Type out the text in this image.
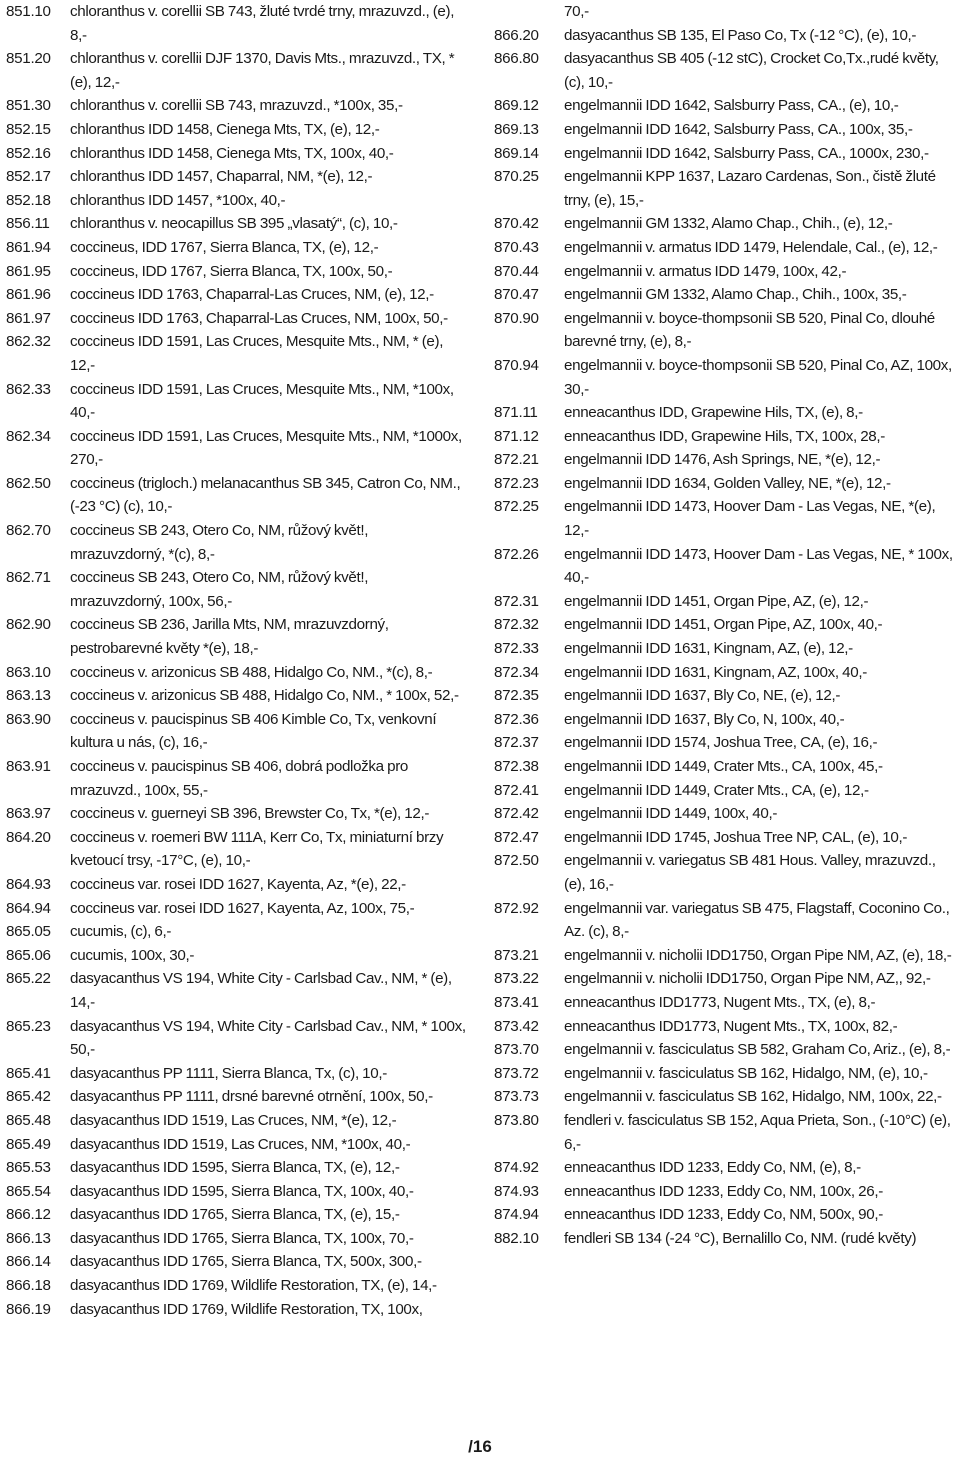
851.10	chloranthus v. corellii SB 743, žluté tvrdé trny, mrazuvzd., (e), 8,-
851.20	chloranthus v. corellii DJF 1370, Davis Mts., mrazuvzd., TX, *(e), 12,-
851.30	chloranthus v. corellii SB 743, mrazuvzd., *100x, 35,-
852.15	chloranthus IDD 1458, Cienega Mts, TX, (e), 12,-
852.16	chloranthus IDD 1458, Cienega Mts, TX, 100x, 40,-
852.17	chloranthus IDD 1457, Chaparral, NM, *(e), 12,-
852.18	chloranthus IDD 1457, *100x, 40,-
856.11	chloranthus v. neocapillus SB 395 „vlasatý“, (c), 10,-
861.94	coccineus, IDD 1767, Sierra Blanca, TX, (e), 12,-
861.95	coccineus, IDD 1767, Sierra Blanca, TX, 100x, 50,-
861.96	coccineus IDD 1763, Chaparral-Las Cruces, NM, (e), 12,-
861.97	coccineus IDD 1763, Chaparral-Las Cruces, NM, 100x, 50,-
862.32	coccineus IDD 1591, Las Cruces, Mesquite Mts., NM, * (e), 12,-
862.33	coccineus IDD 1591, Las Cruces, Mesquite Mts., NM, *100x, 40,-
862.34	coccineus IDD 1591, Las Cruces, Mesquite Mts., NM, *1000x, 270,-
862.50	coccineus (trigloch.) melanacanthus SB 345, Catron Co, NM., (-23 °C) (c), 10,-
862.70	coccineus SB 243, Otero Co, NM, růžový květ!, mrazuvzdorný, *(c), 8,-
862.71	coccineus SB 243, Otero Co, NM, růžový květ!, mrazuvzdorný, 100x, 56,-
862.90	coccineus SB 236, Jarilla Mts, NM, mrazuvzdorný, pestrobarevné květy *(e), 18,-
863.10	coccineus v. arizonicus SB 488, Hidalgo Co, NM., *(c), 8,-
863.13	coccineus v. arizonicus SB 488, Hidalgo Co, NM., * 100x, 52,-
863.90	coccineus v. paucispinus SB 406 Kimble Co, Tx, venkovní kultura u nás, (c), 16,-
863.91	coccineus v. paucispinus SB 406, dobrá podložka pro mrazuvzd., 100x, 55,-
863.97	coccineus v. guerneyi SB 396, Brewster Co, Tx, *(e), 12,-
864.20	coccineus v. roemeri BW 111A, Kerr Co, Tx, miniaturní brzy kvetoucí trsy, -17°C, (e), 10,-
864.93	coccineus var. rosei IDD 1627, Kayenta, Az, *(e), 22,-
864.94	coccineus var. rosei IDD 1627, Kayenta, Az, 100x, 75,-
865.05	cucumis, (c), 6,-
865.06	cucumis, 100x, 30,-
865.22	dasyacanthus VS 194, White City - Carlsbad Cav., NM, * (e), 14,-
865.23	dasyacanthus VS 194, White City - Carlsbad Cav., NM, * 100x, 50,-
865.41	dasyacanthus PP 1111, Sierra Blanca, Tx, (c), 10,-
865.42	dasyacanthus PP 1111, drsné barevné otrnění, 100x, 50,-
865.48	dasyacanthus IDD 1519, Las Cruces, NM, *(e), 12,-
865.49	dasyacanthus IDD 1519, Las Cruces, NM, *100x, 40,-
865.53	dasyacanthus IDD 1595, Sierra Blanca, TX, (e), 12,-
865.54	dasyacanthus IDD 1595, Sierra Blanca, TX, 100x, 40,-
866.12	dasyacanthus IDD 1765, Sierra Blanca, TX, (e), 15,-
866.13	dasyacanthus IDD 1765, Sierra Blanca, TX, 100x, 70,-
866.14	dasyacanthus IDD 1765, Sierra Blanca, TX, 500x, 300,-
866.18	dasyacanthus IDD 1769, Wildlife Restoration, TX, (e), 14,-
866.19	dasyacanthus IDD 1769, Wildlife Restoration, TX, 100x,
70,-
866.20	dasyacanthus SB 135, El Paso Co, Tx (-12 °C), (e), 10,-
866.80	dasyacanthus SB 405 (-12 stC), Crocket Co,Tx.,rudé květy, (c), 10,-
869.12	engelmannii IDD 1642, Salsburry Pass, CA., (e), 10,-
869.13	engelmannii IDD 1642, Salsburry Pass, CA., 100x, 35,-
869.14	engelmannii IDD 1642, Salsburry Pass, CA., 1000x, 230,-
870.25	engelmannii KPP 1637, Lazaro Cardenas, Son., čistě žluté trny, (e), 15,-
870.42	engelmannii GM 1332, Alamo Chap., Chih., (e), 12,-
870.43	engelmannii v. armatus IDD 1479, Helendale, Cal., (e), 12,-
870.44	engelmannii v. armatus IDD 1479, 100x, 42,-
870.47	engelmannii GM 1332, Alamo Chap., Chih., 100x, 35,-
870.90	engelmannii v. boyce-thompsonii SB 520, Pinal Co, dlouhé barevné trny, (e), 8,-
870.94	engelmannii v. boyce-thompsonii SB 520, Pinal Co, AZ, 100x, 30,-
871.11	enneacanthus IDD, Grapewine Hils, TX, (e), 8,-
871.12	enneacanthus IDD, Grapewine Hils, TX, 100x, 28,-
872.21	engelmannii IDD 1476, Ash Springs, NE, *(e), 12,-
872.23	engelmannii IDD 1634, Golden Valley, NE, *(e), 12,-
872.25	engelmannii IDD 1473, Hoover Dam - Las Vegas, NE, *(e), 12,-
872.26	engelmannii IDD 1473, Hoover Dam - Las Vegas, NE, * 100x, 40,-
872.31	engelmannii IDD 1451, Organ Pipe, AZ, (e), 12,-
872.32	engelmannii IDD 1451, Organ Pipe, AZ, 100x, 40,-
872.33	engelmannii IDD 1631, Kingnam, AZ, (e), 12,-
872.34	engelmannii IDD 1631, Kingnam, AZ, 100x, 40,-
872.35	engelmannii IDD 1637, Bly Co, NE, (e), 12,-
872.36	engelmannii IDD 1637, Bly Co, N, 100x, 40,-
872.37	engelmannii IDD 1574, Joshua Tree, CA, (e), 16,-
872.38	engelmannii IDD 1449, Crater Mts., CA, 100x, 45,-
872.41	engelmannii IDD 1449, Crater Mts., CA, (e), 12,-
872.42	engelmannii IDD 1449, 100x, 40,-
872.47	engelmannii IDD 1745, Joshua Tree NP, CAL, (e), 10,-
872.50	engelmannii v. variegatus SB 481 Hous. Valley, mrazuvzd., (e), 16,-
872.92	engelmannii var. variegatus SB 475, Flagstaff, Coconino Co., Az. (c), 8,-
873.21	engelmannii v. nicholii IDD1750, Organ Pipe NM, AZ, (e), 18,-
873.22	engelmannii v. nicholii IDD1750, Organ Pipe NM, AZ,, 92,-
873.41	enneacanthus IDD1773, Nugent Mts., TX, (e), 8,-
873.42	enneacanthus IDD1773, Nugent Mts., TX, 100x, 82,-
873.70	engelmannii v. fasciculatus SB 582, Graham Co, Ariz., (e), 8,-
873.72	engelmannii v. fasciculatus SB 162, Hidalgo, NM, (e), 10,-
873.73	engelmannii v. fasciculatus SB 162, Hidalgo, NM, 100x, 22,-
873.80	fendleri v. fasciculatus SB 152, Aqua Prieta, Son., (-10°C) (e), 6,-
874.92	enneacanthus IDD 1233, Eddy Co, NM, (e), 8,-
874.93	enneacanthus IDD 1233, Eddy Co, NM, 100x, 26,-
874.94	enneacanthus IDD 1233, Eddy Co, NM, 500x, 90,-
882.10	fendleri SB 134 (-24 °C), Bernalillo Co, NM. (rudé květy)
/16
